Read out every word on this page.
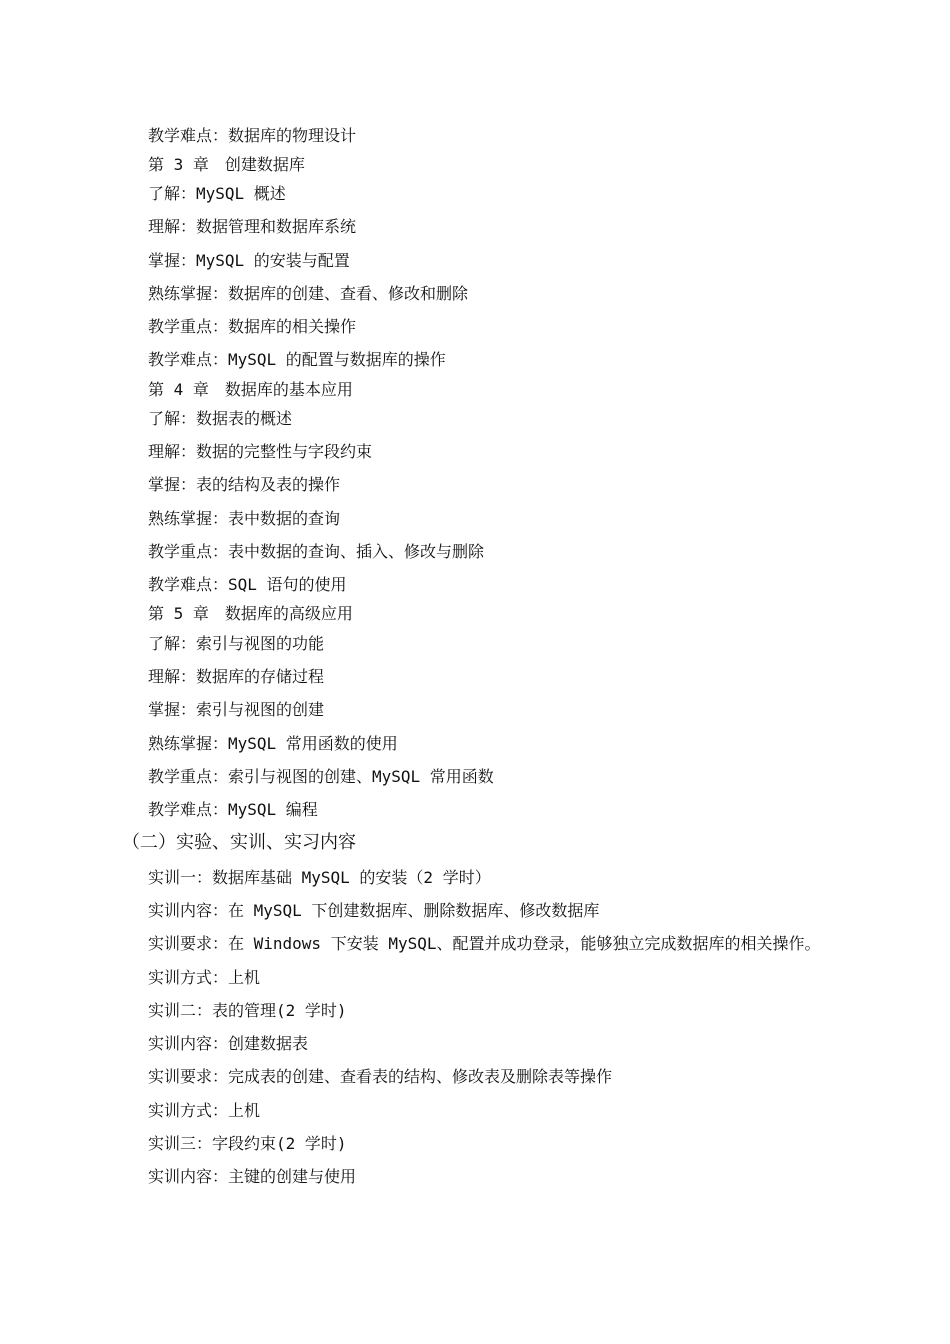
教学难点：数据库的物理设计
第 3 章　创建数据库
了解：MySQL 概述
理解：数据管理和数据库系统
掌握：MySQL 的安装与配置
熟练掌握：数据库的创建、查看、修改和删除
教学重点：数据库的相关操作
教学难点：MySQL 的配置与数据库的操作
第 4 章　数据库的基本应用
了解：数据表的概述
理解：数据的完整性与字段约束
掌握：表的结构及表的操作
熟练掌握：表中数据的查询
教学重点：表中数据的查询、插入、修改与删除
教学难点：SQL 语句的使用
第 5 章　数据库的高级应用
了解：索引与视图的功能
理解：数据库的存储过程
掌握：索引与视图的创建
熟练掌握：MySQL 常用函数的使用
教学重点：索引与视图的创建、MySQL 常用函数
教学难点：MySQL 编程
（二）实验、实训、实习内容
实训一：数据库基础 MySQL 的安装（2 学时）
实训内容：在 MySQL 下创建数据库、删除数据库、修改数据库
实训要求：在 Windows 下安装 MySQL、配置并成功登录，能够独立完成数据库的相关操作。
实训方式：上机
实训二：表的管理(2 学时)
实训内容：创建数据表
实训要求：完成表的创建、查看表的结构、修改表及删除表等操作
实训方式：上机
实训三：字段约束(2 学时)
实训内容：主键的创建与使用
